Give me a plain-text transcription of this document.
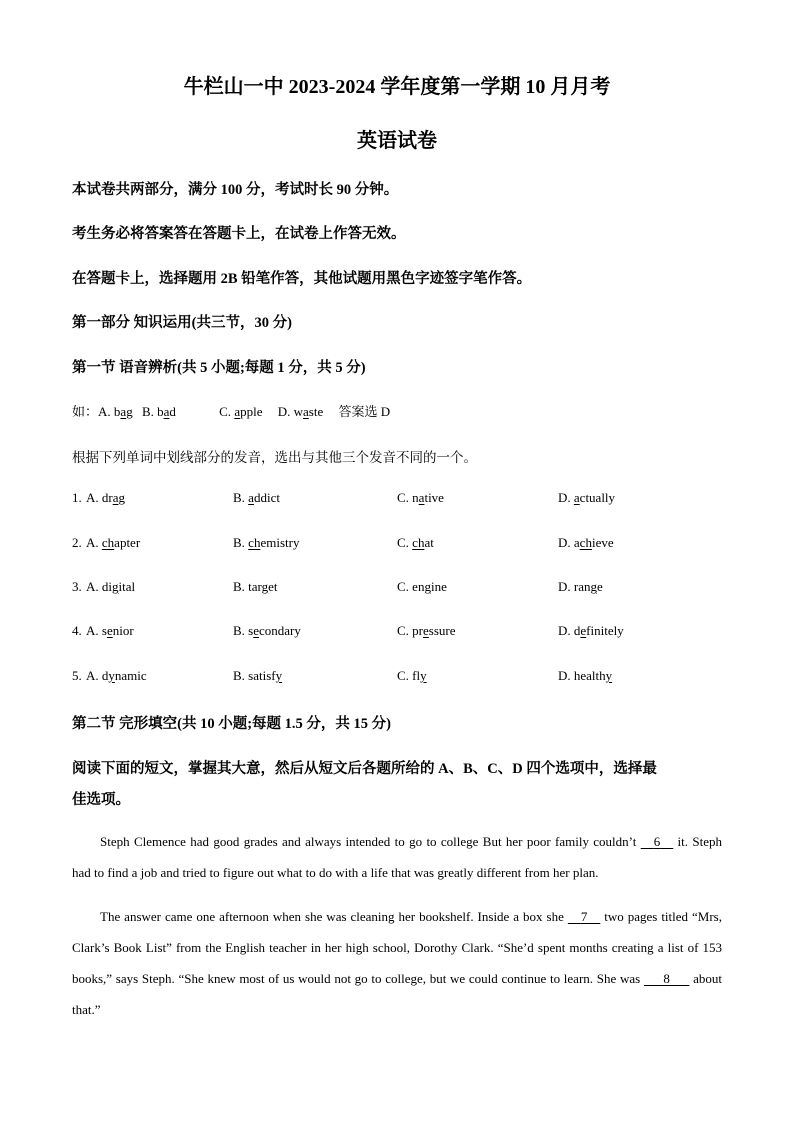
牛栏山一中 2023-2024 学年度第一学期 10 月月考
英语试卷
本试卷共两部分，满分 100 分，考试时长 90 分钟。
考生务必将答案答在答题卡上，在试卷上作答无效。
在答题卡上，选择题用 2B 铅笔作答，其他试题用黑色字迹签字笔作答。
第一部分 知识运用(共三节，30 分)
第一节 语音辨析(共 5 小题;每题 1 分，共 5 分)
如：A. bag B. bad	C. apple D. waste 答案选 D
根据下列单词中划线部分的发音，选出与其他三个发音不同的一个。
1. A. drag	B. addict	C. native	D. actually
2. A. chapter	B. chemistry	C. chat	D. achieve
3. A. digital	B. target	C. engine	D. range
4. A. senior	B. secondary	C. pressure	D. definitely
5. A. dynamic	B. satisfy	C. fly	D. healthy
第二节 完形填空(共 10 小题;每题 1.5 分，共 15 分)
阅读下面的短文，掌握其大意，然后从短文后各题所给的 A、B、C、D 四个选项中，选择最
佳选项。
Steph Clemence had good grades and always intended to go to college But her poor family couldn’t     6     it. Steph had to find a job and tried to figure out what to do with a life that was greatly different from her plan.
The answer came one afternoon when she was cleaning her bookshelf. Inside a box she     7     two pages titled “Mrs, Clark’s Book List” from the English teacher in her high school, Dorothy Clark. “She’d spent months creating a list of 153 books,” says Steph. “She knew most of us would not go to college, but we could continue to learn. She was       8       about that.”
